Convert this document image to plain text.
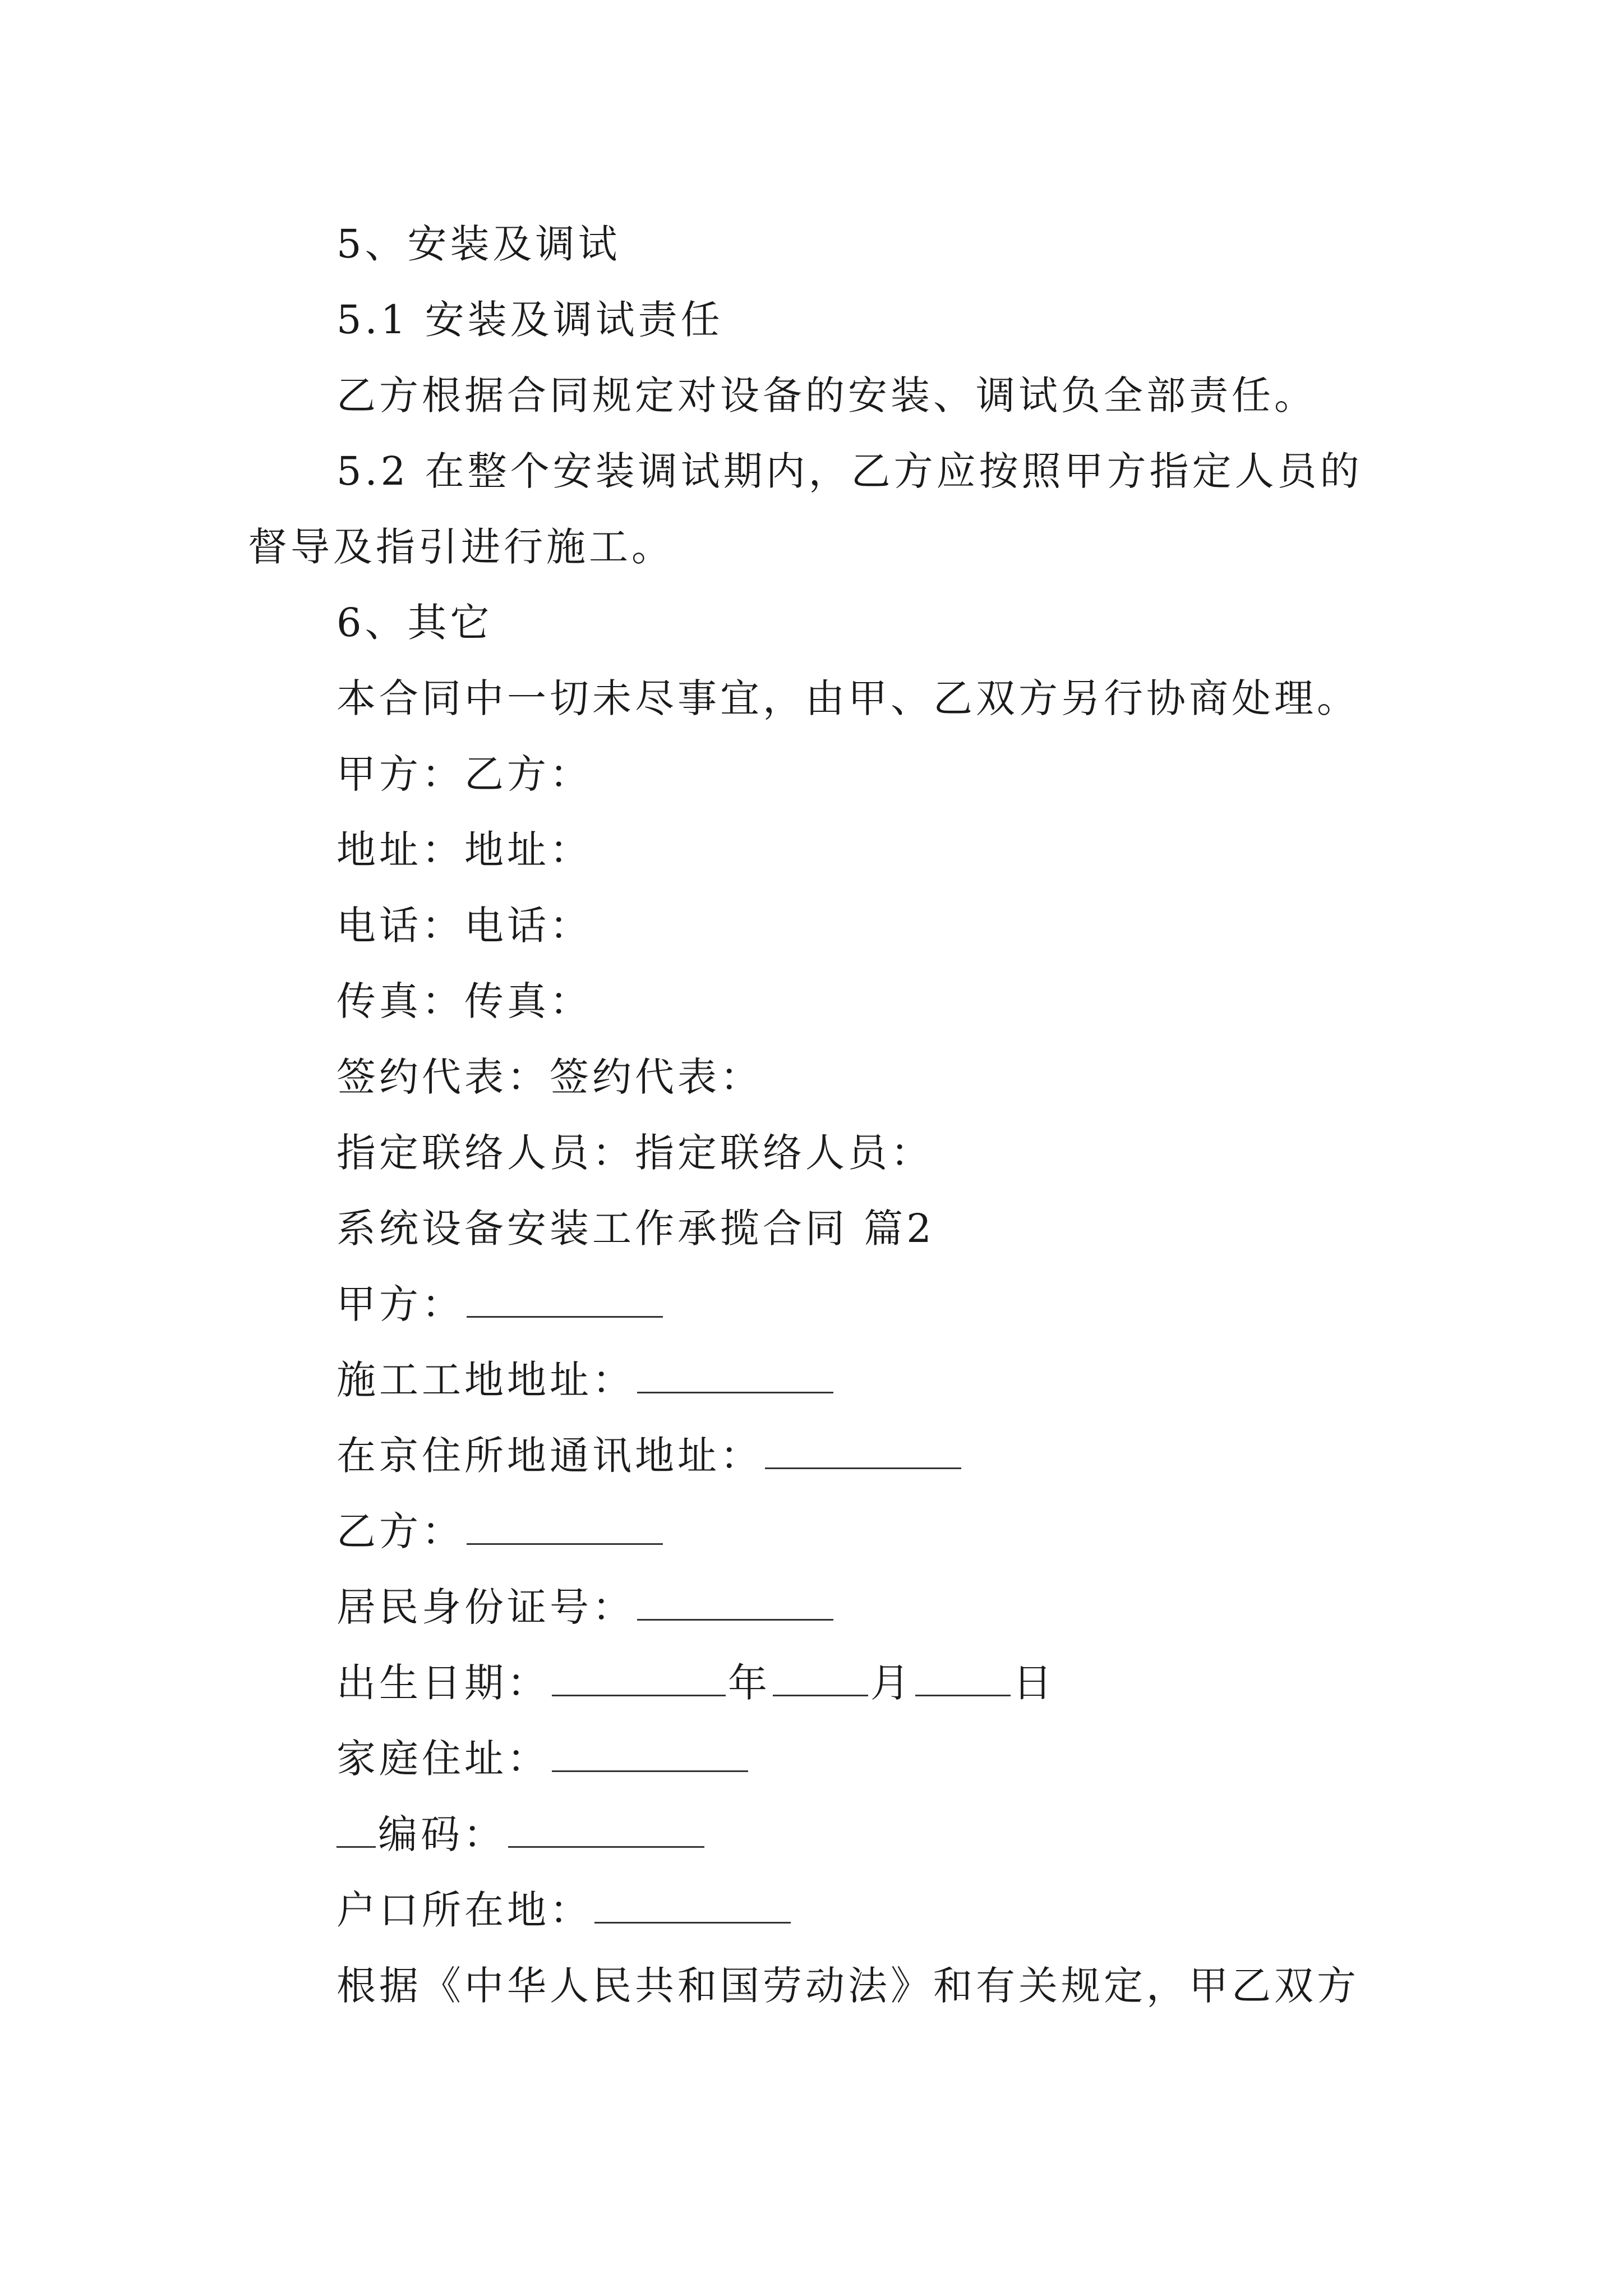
5、安装及调试
5.1 安装及调试责任
乙方根据合同规定对设备的安装、调试负全部责任。
5.2 在整个安装调试期内，乙方应按照甲方指定人员的
督导及指引进行施工。
6、其它
本合同中一切未尽事宜，由甲、乙双方另行协商处理。
甲方：乙方：
地址：地址：
电话：电话：
传真：传真：
签约代表：签约代表：
指定联络人员：指定联络人员：
系统设备安装工作承揽合同 篇2
甲方：
施工工地地址：
在京住所地通讯地址：
乙方：
居民身份证号：
出生日期：	年	月	日
家庭住址：
编码：
户口所在地：
根据《中华人民共和国劳动法》和有关规定，甲乙双方
